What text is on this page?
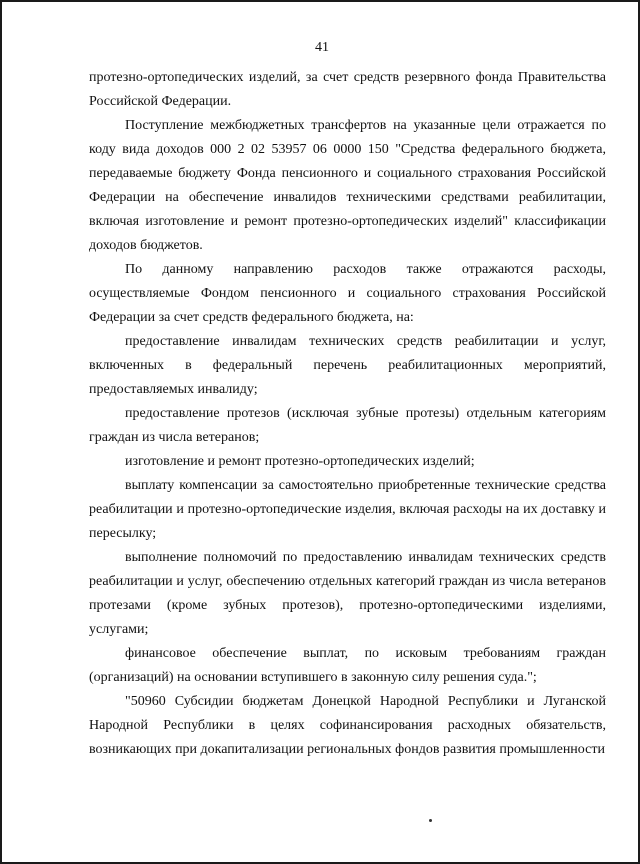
41

протезно-ортопедических изделий, за счет средств резервного фонда Правительства Российской Федерации.

Поступление межбюджетных трансфертов на указанные цели отражается по коду вида доходов 000 2 02 53957 06 0000 150 "Средства федерального бюджета, передаваемые бюджету Фонда пенсионного и социального страхования Российской Федерации на обеспечение инвалидов техническими средствами реабилитации, включая изготовление и ремонт протезно-ортопедических изделий" классификации доходов бюджетов.

По данному направлению расходов также отражаются расходы, осуществляемые Фондом пенсионного и социального страхования Российской Федерации за счет средств федерального бюджета, на:

предоставление инвалидам технических средств реабилитации и услуг, включенных в федеральный перечень реабилитационных мероприятий, предоставляемых инвалиду;

предоставление протезов (исключая зубные протезы) отдельным категориям граждан из числа ветеранов;

изготовление и ремонт протезно-ортопедических изделий;

выплату компенсации за самостоятельно приобретенные технические средства реабилитации и протезно-ортопедические изделия, включая расходы на их доставку и пересылку;

выполнение полномочий по предоставлению инвалидам технических средств реабилитации и услуг, обеспечению отдельных категорий граждан из числа ветеранов протезами (кроме зубных протезов), протезно-ортопедическими изделиями, услугами;

финансовое обеспечение выплат, по исковым требованиям граждан (организаций) на основании вступившего в законную силу решения суда.";

"50960 Субсидии бюджетам Донецкой Народной Республики и Луганской Народной Республики в целях софинансирования расходных обязательств, возникающих при докапитализации региональных фондов развития промышленности
